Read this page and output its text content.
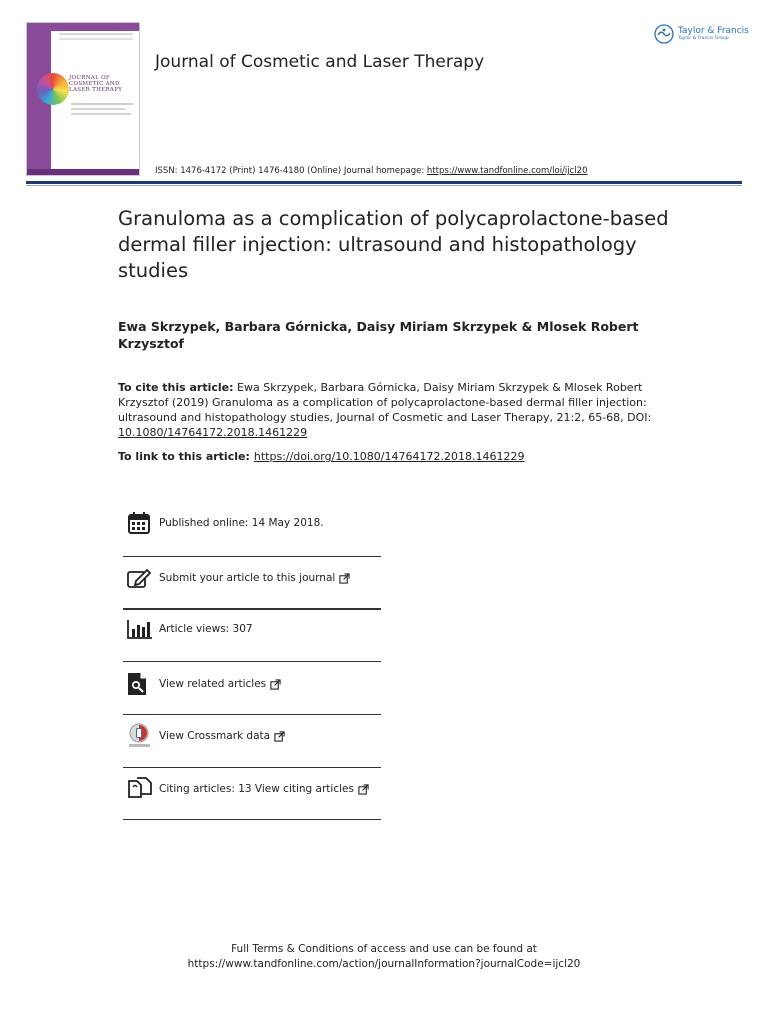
JOURNAL OF COSMETIC AND LASER THERAPY
Journal of Cosmetic and Laser Therapy
Taylor & Francis
Taylor & Francis Group
ISSN: 1476-4172 (Print) 1476-4180 (Online) Journal homepage: https://www.tandfonline.com/loi/ijcl20
Granuloma as a complication of polycaprolactone-based dermal filler injection: ultrasound and histopathology studies

Ewa Skrzypek, Barbara Górnicka, Daisy Miriam Skrzypek & Mlosek Robert Krzysztof

To cite this article: Ewa Skrzypek, Barbara Górnicka, Daisy Miriam Skrzypek & Mlosek Robert Krzysztof (2019) Granuloma as a complication of polycaprolactone-based dermal filler injection: ultrasound and histopathology studies, Journal of Cosmetic and Laser Therapy, 21:2, 65-68, DOI: 10.1080/14764172.2018.1461229
To link to this article: https://doi.org/10.1080/14764172.2018.1461229
Published online: 14 May 2018.
Submit your article to this journal
Article views: 307
View related articles
View Crossmark data
Citing articles: 13 View citing articles
Full Terms & Conditions of access and use can be found at
https://www.tandfonline.com/action/journalInformation?journalCode=ijcl20
